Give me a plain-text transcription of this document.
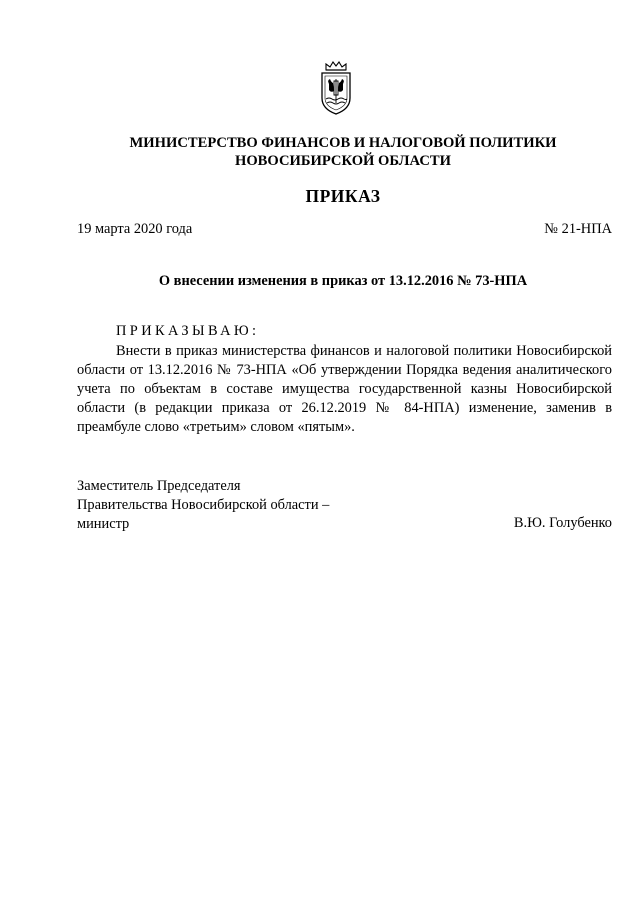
МИНИСТЕРСТВО ФИНАНСОВ И НАЛОГОВОЙ ПОЛИТИКИ
НОВОСИБИРСКОЙ ОБЛАСТИ
ПРИКАЗ
19 марта 2020 года	№ 21-НПА
О внесении изменения в приказ от 13.12.2016 № 73-НПА
ПРИКАЗЫВАЮ:

Внести в приказ министерства финансов и налоговой политики Новосибирской области от 13.12.2016 № 73-НПА «Об утверждении Порядка ведения аналитического учета по объектам в составе имущества государственной казны Новосибирской области (в редакции приказа от 26.12.2019 № 84-НПА) изменение, заменив в преамбуле слово «третьим» словом «пятым».

Заместитель Председателя
Правительства Новосибирской области –
министр	В.Ю. Голубенко
